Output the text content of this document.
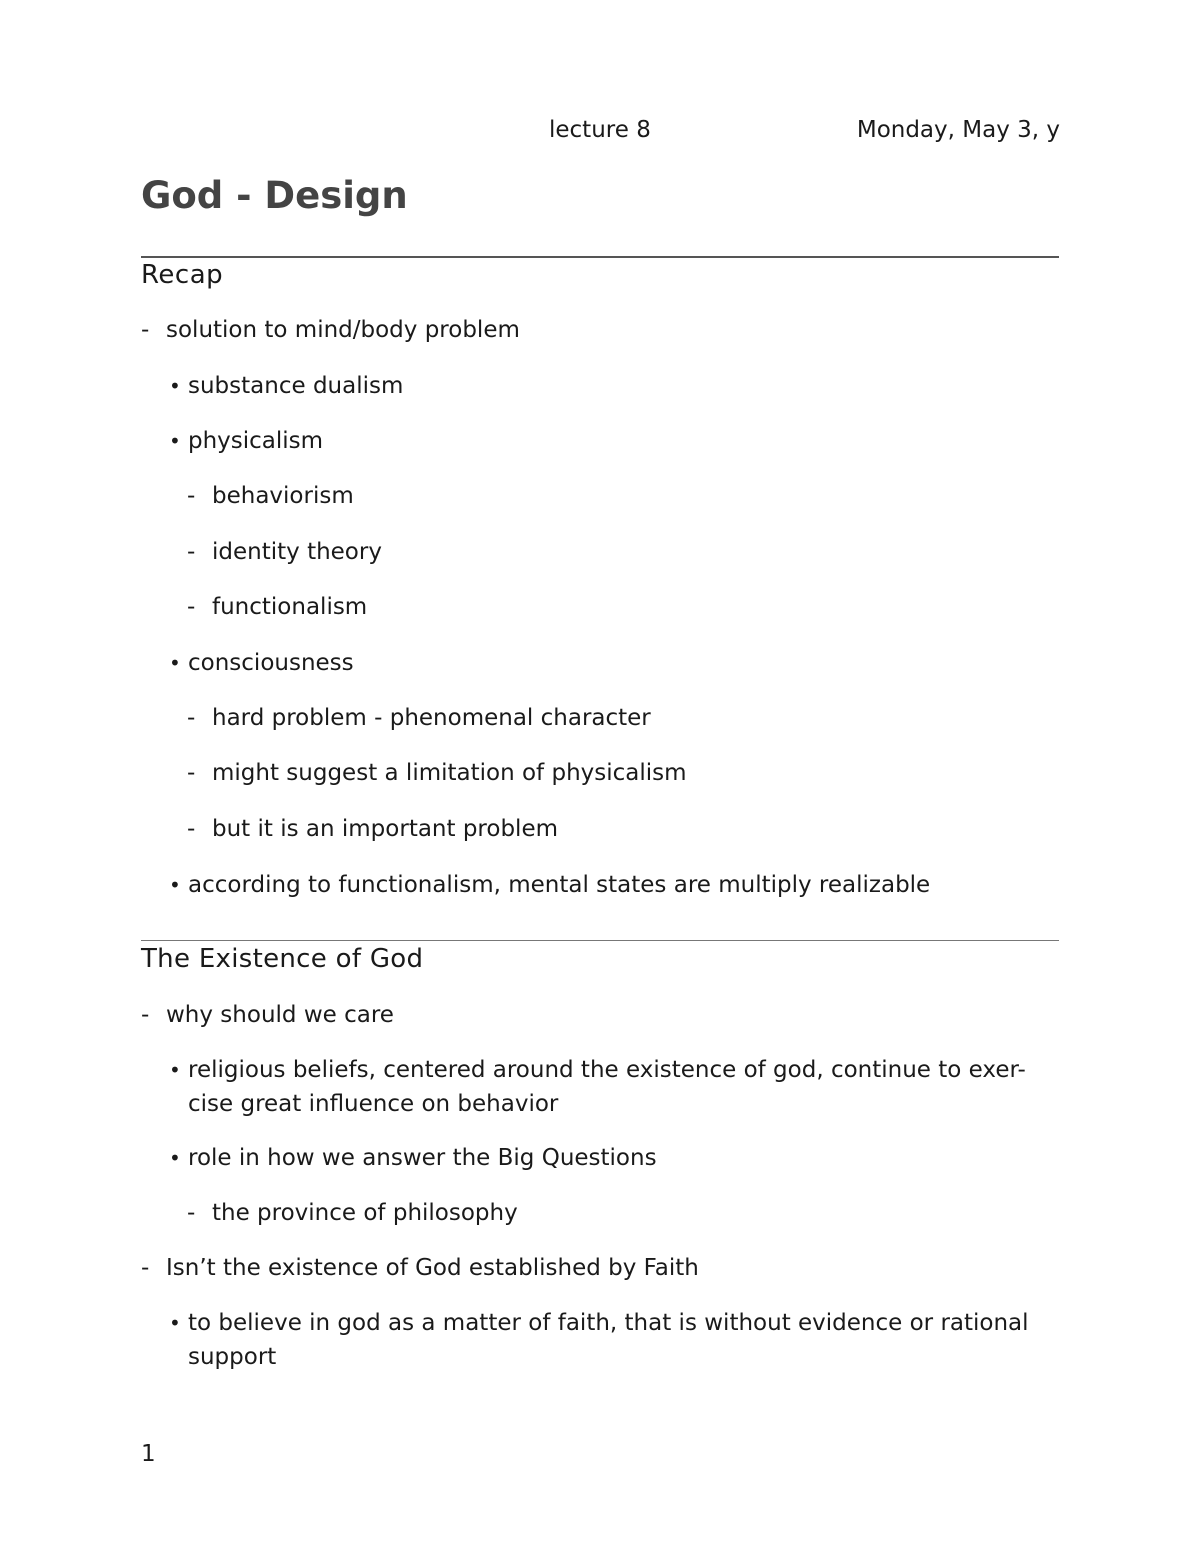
lecture 8	Monday, May 3, y
God - Design
Recap
- solution to mind/body problem
• substance dualism
• physicalism
- behaviorism
- identity theory
- functionalism
• consciousness
- hard problem - phenomenal character
- might suggest a limitation of physicalism
- but it is an important problem
• according to functionalism, mental states are multiply realizable
The Existence of God
- why should we care
• religious beliefs, centered around the existence of god, continue to exer-cise great influence on behavior
• role in how we answer the Big Questions
- the province of philosophy
- Isn’t the existence of God established by Faith
• to believe in god as a matter of faith, that is without evidence or rational support
1
